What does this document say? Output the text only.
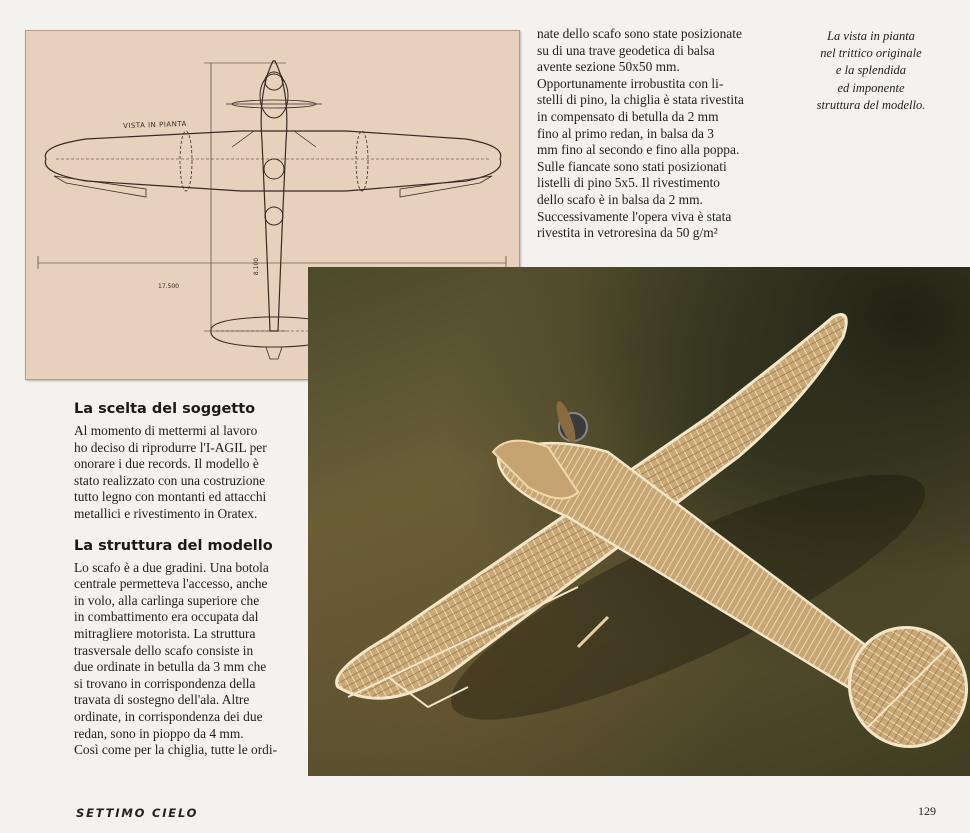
VISTA IN PIANTA
17.500
8.100
nate dello scafo sono state posizionate
su di una trave geodetica di balsa
avente sezione 50x50 mm.
Opportunamente irrobustita con li-
stelli di pino, la chiglia è stata rivestita
in compensato di betulla da 2 mm
fino al primo redan, in balsa da 3
mm fino al secondo e fino alla poppa.
Sulle fiancate sono stati posizionati
listelli di pino 5x5. Il rivestimento
dello scafo è in balsa da 2 mm.
Successivamente l'opera viva è stata
rivestita in vetroresina da 50 g/m²
La vista in pianta
nel trittico originale
e la splendida
ed imponente
struttura del modello.
La scelta del soggetto
Al momento di mettermi al lavoro
ho deciso di riprodurre l'I-AGIL per
onorare i due records. Il modello è
stato realizzato con una costruzione
tutto legno con montanti ed attacchi
metallici e rivestimento in Oratex.
La struttura del modello
Lo scafo è a due gradini. Una botola
centrale permetteva l'accesso, anche
in volo, alla carlinga superiore che
in combattimento era occupata dal
mitragliere motorista. La struttura
trasversale dello scafo consiste in
due ordinate in betulla da 3 mm che
si trovano in corrispondenza della
travata di sostegno dell'ala. Altre
ordinate, in corrispondenza dei due
redan, sono in pioppo da 4 mm.
Così come per la chiglia, tutte le ordi-
SETTIMO CIELO	129
